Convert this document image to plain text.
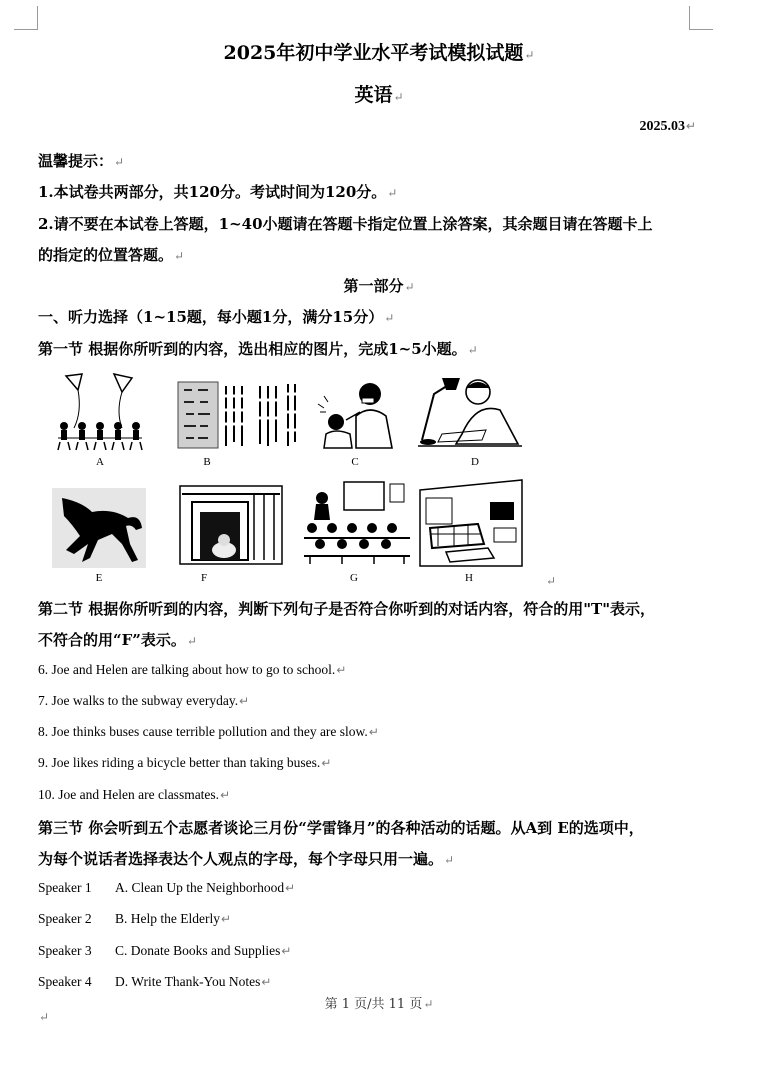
2025年初中学业水平考试模拟试题↵
英语↵
2025.03↵
温馨提示：↵
1.本试卷共两部分，共120分。考试时间为120分。↵
2.请不要在本试卷上答题，1~40小题请在答题卡指定位置上涂答案，其余题目请在答题卡上
的指定的位置答题。↵
第一部分↵
一、听力选择（1~15题，每小题1分，满分15分）↵
第一节 根据你所听到的内容，选出相应的图片，完成1~5小题。↵
A	B	C	D
E	F	G	H	↵
第二节 根据你所听到的内容，判断下列句子是否符合你听到的对话内容，符合的用"T"表示，
不符合的用“F”表示。↵
6. Joe and Helen are talking about how to go to school.↵
7. Joe walks to the subway everyday.↵
8. Joe thinks buses cause terrible pollution and they are slow.↵
9. Joe likes riding a bicycle better than taking buses.↵
10. Joe and Helen are classmates.↵
第三节 你会听到五个志愿者谈论三月份“学雷锋月”的各种活动的话题。从A到 E的选项中，
为每个说话者选择表达个人观点的字母，每个字母只用一遍。↵
Speaker 1 A. Clean Up the Neighborhood↵
Speaker 2 B. Help the Elderly↵
Speaker 3 C. Donate Books and Supplies↵
Speaker 4 D. Write Thank-You Notes↵
第 1 页/共 11 页↵
↵
